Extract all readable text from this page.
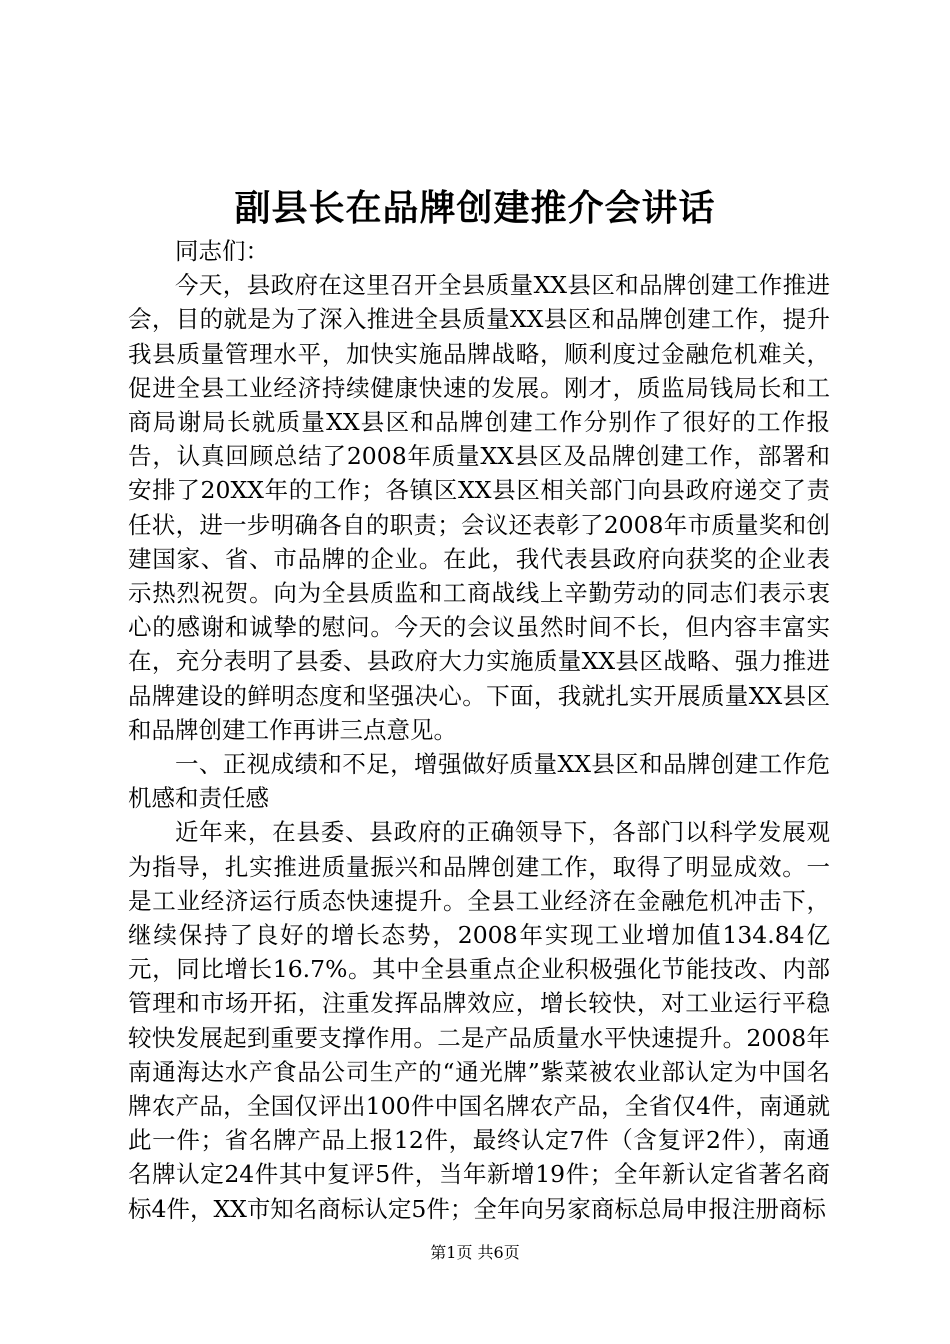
副县长在品牌创建推介会讲话

同志们：

今天，县政府在这里召开全县质量XX县区和品牌创建工作推进会，目的就是为了深入推进全县质量XX县区和品牌创建工作，提升我县质量管理水平，加快实施品牌战略，顺利度过金融危机难关，促进全县工业经济持续健康快速的发展。刚才，质监局钱局长和工商局谢局长就质量XX县区和品牌创建工作分别作了很好的工作报告，认真回顾总结了2008年质量XX县区及品牌创建工作，部署和安排了20XX年的工作；各镇区XX县区相关部门向县政府递交了责任状，进一步明确各自的职责；会议还表彰了2008年市质量奖和创建国家、省、市品牌的企业。在此，我代表县政府向获奖的企业表示热烈祝贺。向为全县质监和工商战线上辛勤劳动的同志们表示衷心的感谢和诚挚的慰问。今天的会议虽然时间不长，但内容丰富实在，充分表明了县委、县政府大力实施质量XX县区战略、强力推进品牌建设的鲜明态度和坚强决心。下面，我就扎实开展质量XX县区和品牌创建工作再讲三点意见。

一、正视成绩和不足，增强做好质量XX县区和品牌创建工作危机感和责任感

近年来，在县委、县政府的正确领导下，各部门以科学发展观为指导，扎实推进质量振兴和品牌创建工作，取得了明显成效。一是工业经济运行质态快速提升。全县工业经济在金融危机冲击下，继续保持了良好的增长态势，2008年实现工业增加值134.84亿元，同比增长16.7%。其中全县重点企业积极强化节能技改、内部管理和市场开拓，注重发挥品牌效应，增长较快，对工业运行平稳较快发展起到重要支撑作用。二是产品质量水平快速提升。2008年南通海达水产食品公司生产的“通光牌”紫菜被农业部认定为中国名牌农产品，全国仅评出100件中国名牌农产品，全省仅4件，南通就此一件；省名牌产品上报12件，最终认定7件（含复评2件），南通名牌认定24件其中复评5件，当年新增19件；全年新认定省著名商标4件，XX市知名商标认定5件；全年向另家商标总局申报注册商标

第1页 共6页
